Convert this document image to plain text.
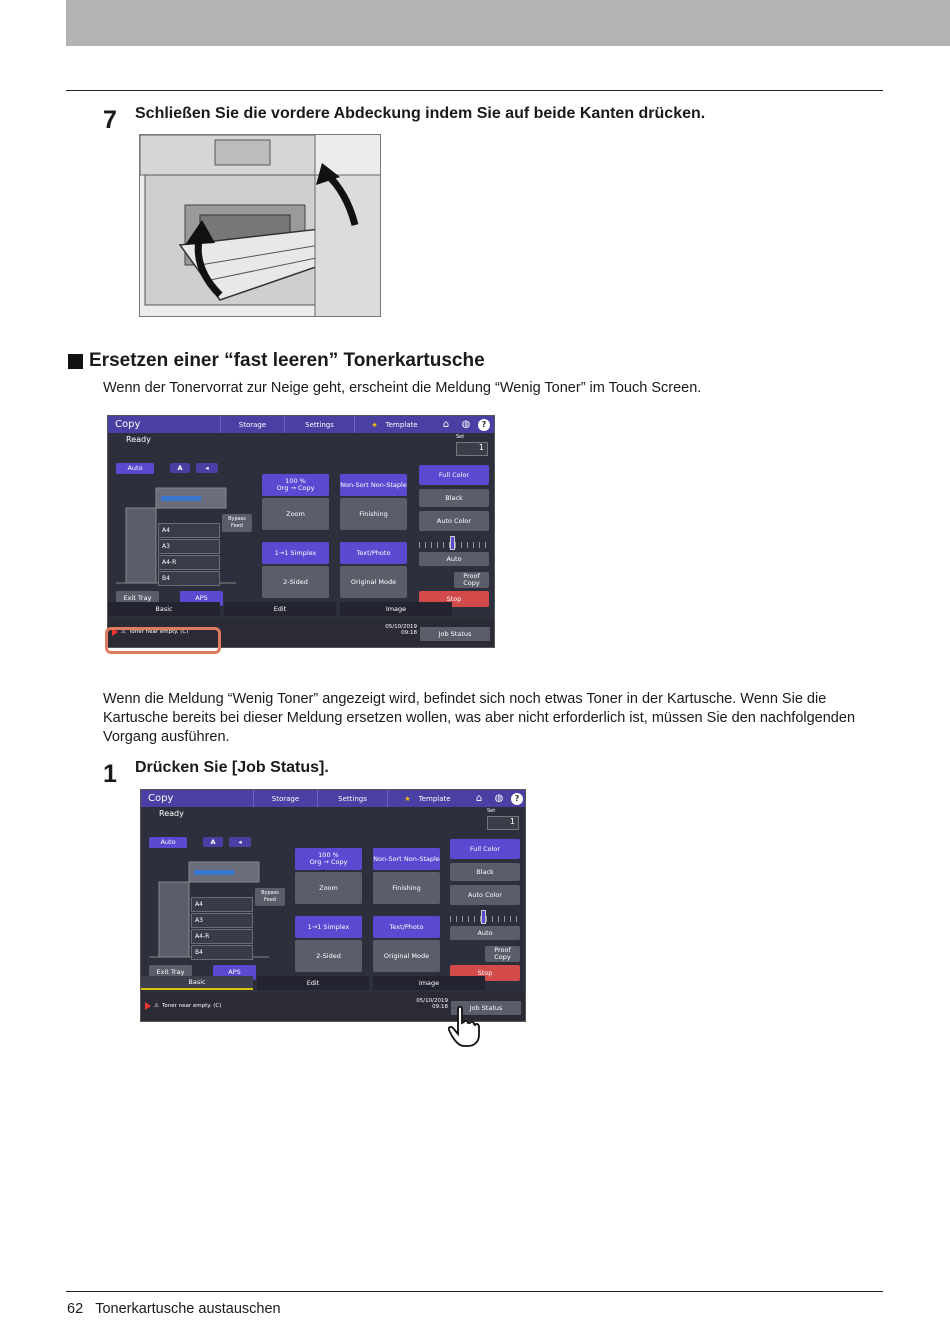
7 Schließen Sie die vordere Abdeckung indem Sie auf beide Kanten drücken.
Ersetzen einer “fast leeren” Tonerkartusche
Wenn der Tonervorrat zur Neige geht, erscheint die Meldung “Wenig Toner” im Touch Screen.
Copy	Storage	Settings	★ Template	⌂	◍	?
Ready	Set
1
Auto	A	◂
Bypass Feed
A4
A3
A4-R
B4
Exit Tray	APS
100 %
Org → Copy
Zoom
Non-Sort Non-Staple
Finishing
1→1 Simplex
2-Sided
Text/Photo
Original Mode
Full Color
Black
Auto Color
Auto
Proof Copy
Stop
Basic	Edit	Image
⚠ Toner near empty. (C)
05/10/2019
09:18	Job Status
Wenn die Meldung “Wenig Toner” angezeigt wird, befindet sich noch etwas Toner in der Kartusche. Wenn Sie die Kartusche bereits bei dieser Meldung ersetzen wollen, was aber nicht erforderlich ist, müssen Sie den nachfolgenden Vorgang ausführen.
1 Drücken Sie [Job Status].
Copy	Storage	Settings	★ Template	⌂	◍	?
Ready	Set
1
Auto	A	◂
Bypass Feed
A4
A3
A4-R
B4
Exit Tray	APS
100 %
Org → Copy
Zoom
Non-Sort Non-Staple
Finishing
1→1 Simplex
2-Sided
Text/Photo
Original Mode
Full Color
Black
Auto Color
Auto
Proof Copy
Stop
Basic	Edit	Image
⚠ Toner near empty. (C)
05/10/2019
09:18	Job Status
62 Tonerkartusche austauschen
